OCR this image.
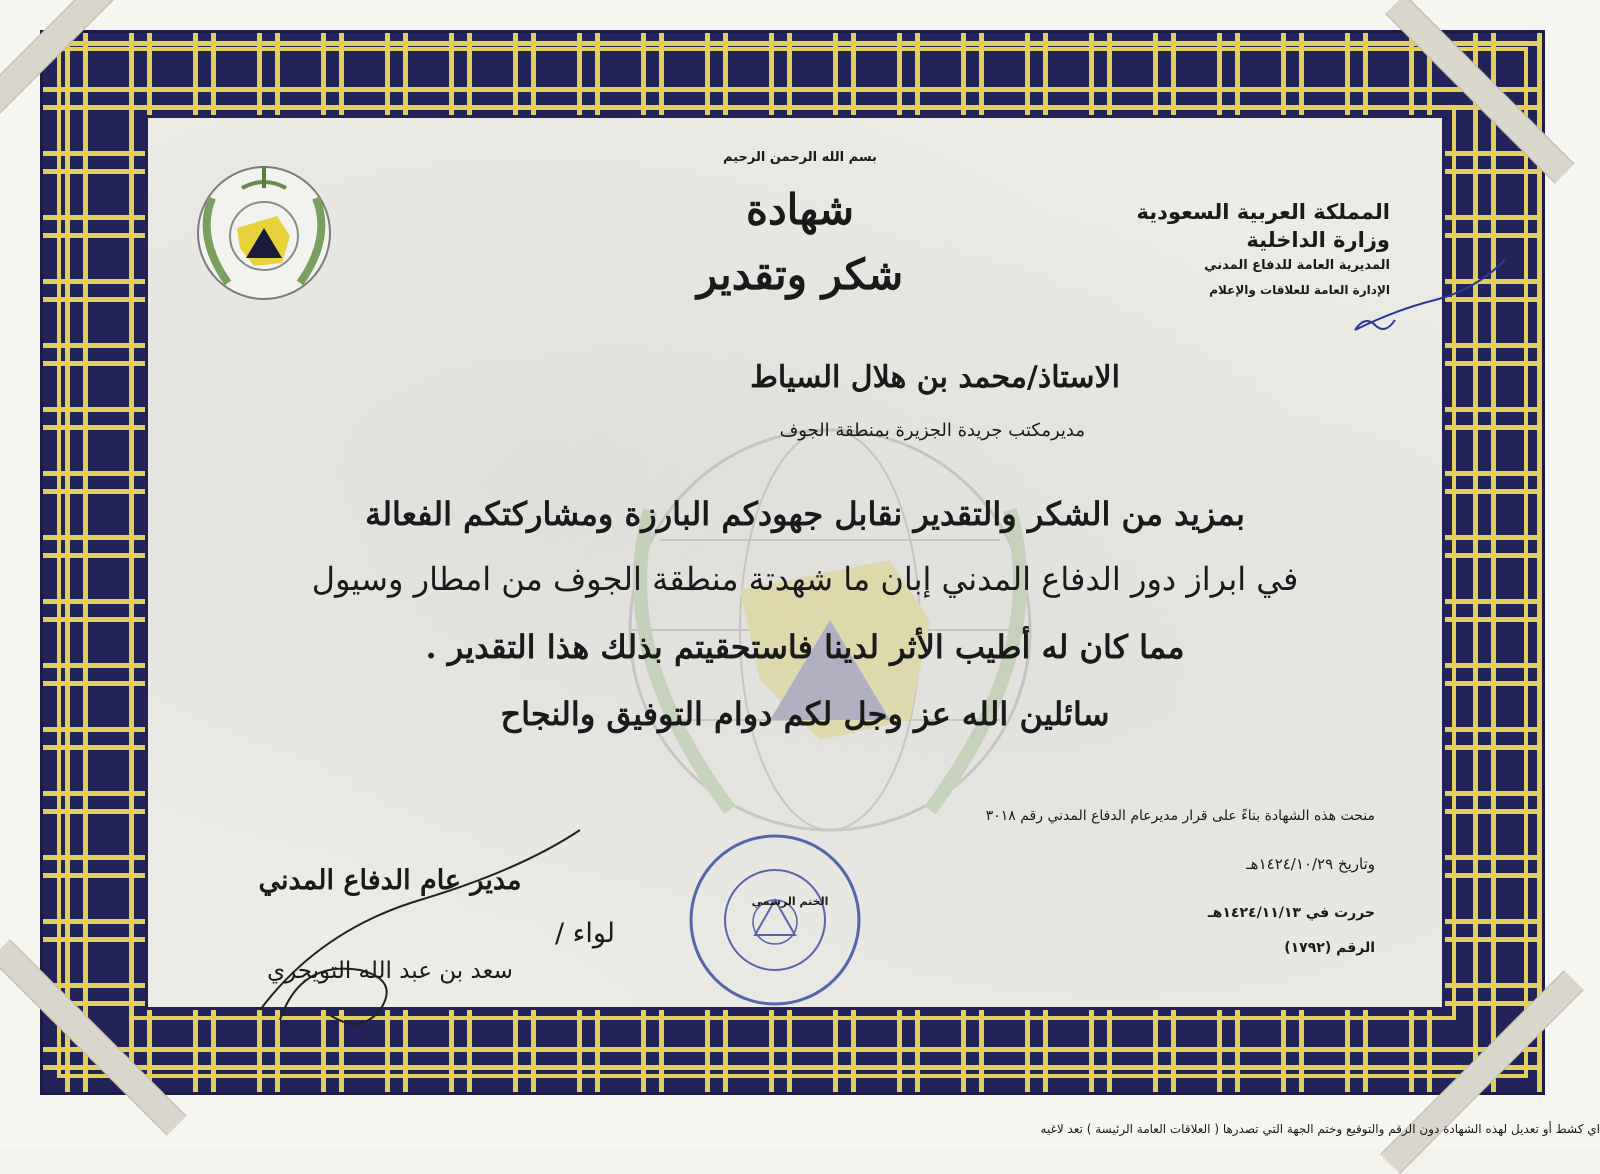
بسم الله الرحمن الرحيم
شهادة
شكر وتقدير
المملكة العربية السعودية
وزارة الداخلية
المديرية العامة للدفاع المدني
الإدارة العامة للعلاقات والإعلام
الاستاذ/محمد بن هلال السياط
مديرمكتب جريدة الجزيرة بمنطقة الجوف
بمزيد من الشكر والتقدير نقابل جهودكم البارزة ومشاركتكم الفعالة
في ابراز دور الدفاع المدني إبان ما شهدتة منطقة الجوف من امطار وسيول
مما كان له أطيب الأثر لدينا فاستحقيتم بذلك هذا التقدير .
سائلين الله عز وجل لكم دوام التوفيق والنجاح
منحت هذه الشهادة بناءً على قرار مديرعام الدفاع المدني رقم ٣٠١٨
وتاريخ ١٤٢٤/١٠/٢٩هـ
حررت في ١٤٢٤/١١/١٣هـ
الرقم (١٧٩٢)
الختم الرسمي
مدير عام الدفاع المدني
لواء /
سعد بن عبد الله التويجري
اي كشط أو تعديل لهذه الشهادة دون الرقم والتوقيع وختم الجهة التي تصدرها ( العلاقات العامة الرئيسة ) تعد لاغيه
